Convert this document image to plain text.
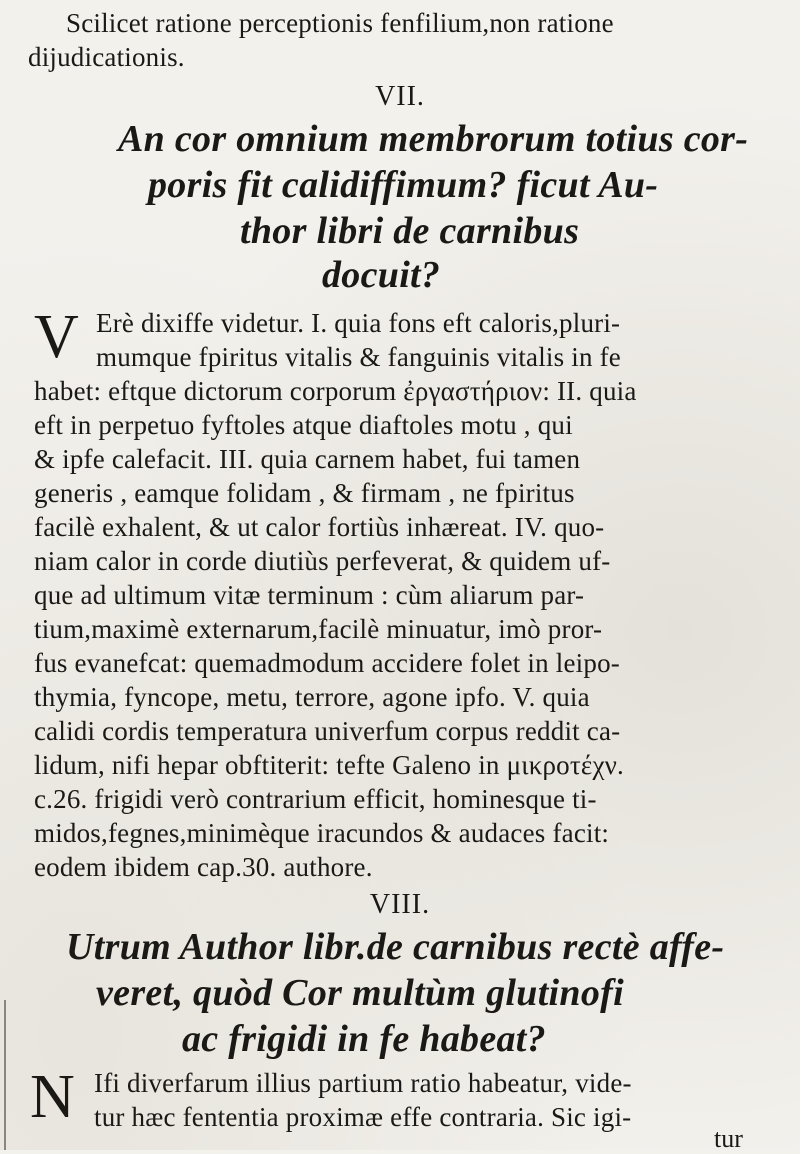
Scilicet ratione perceptionis fenfilium,non ratione
dijudicationis.
VII.
An cor omnium membrorum totius cor-
poris fit calidiffimum? ficut Au-
thor libri de carnibus
docuit?
V Erè dixiffe videtur. I. quia fons eft caloris,pluri-
mumque fpiritus vitalis & fanguinis vitalis in fe
habet: eftque dictorum corporum ἐργαστήριον: II. quia
eft in perpetuo fyftoles atque diaftoles motu , qui
& ipfe calefacit. III. quia carnem habet, fui tamen
generis , eamque folidam , & firmam , ne fpiritus
facilè exhalent, & ut calor fortiùs inhæreat. IV. quo-
niam calor in corde diutiùs perfeverat, & quidem uf-
que ad ultimum vitæ terminum : cùm aliarum par-
tium,maximè externarum,facilè minuatur, imò pror-
fus evanefcat: quemadmodum accidere folet in leipo-
thymia, fyncope, metu, terrore, agone ipfo. V. quia
calidi cordis temperatura univerfum corpus reddit ca-
lidum, nifi hepar obftiterit: tefte Galeno in μικροτέχν.
c.26. frigidi verò contrarium efficit, hominesque ti-
midos,fegnes,minimèque iracundos & audaces facit:
eodem ibidem cap.30. authore.
VIII.
Utrum Author libr.de carnibus rectè affe-
veret, quòd Cor multùm glutinofi
ac frigidi in fe habeat?
N Ifi diverfarum illius partium ratio habeatur, vide-
tur hæc fententia proximæ effe contraria. Sic igi-
tur
